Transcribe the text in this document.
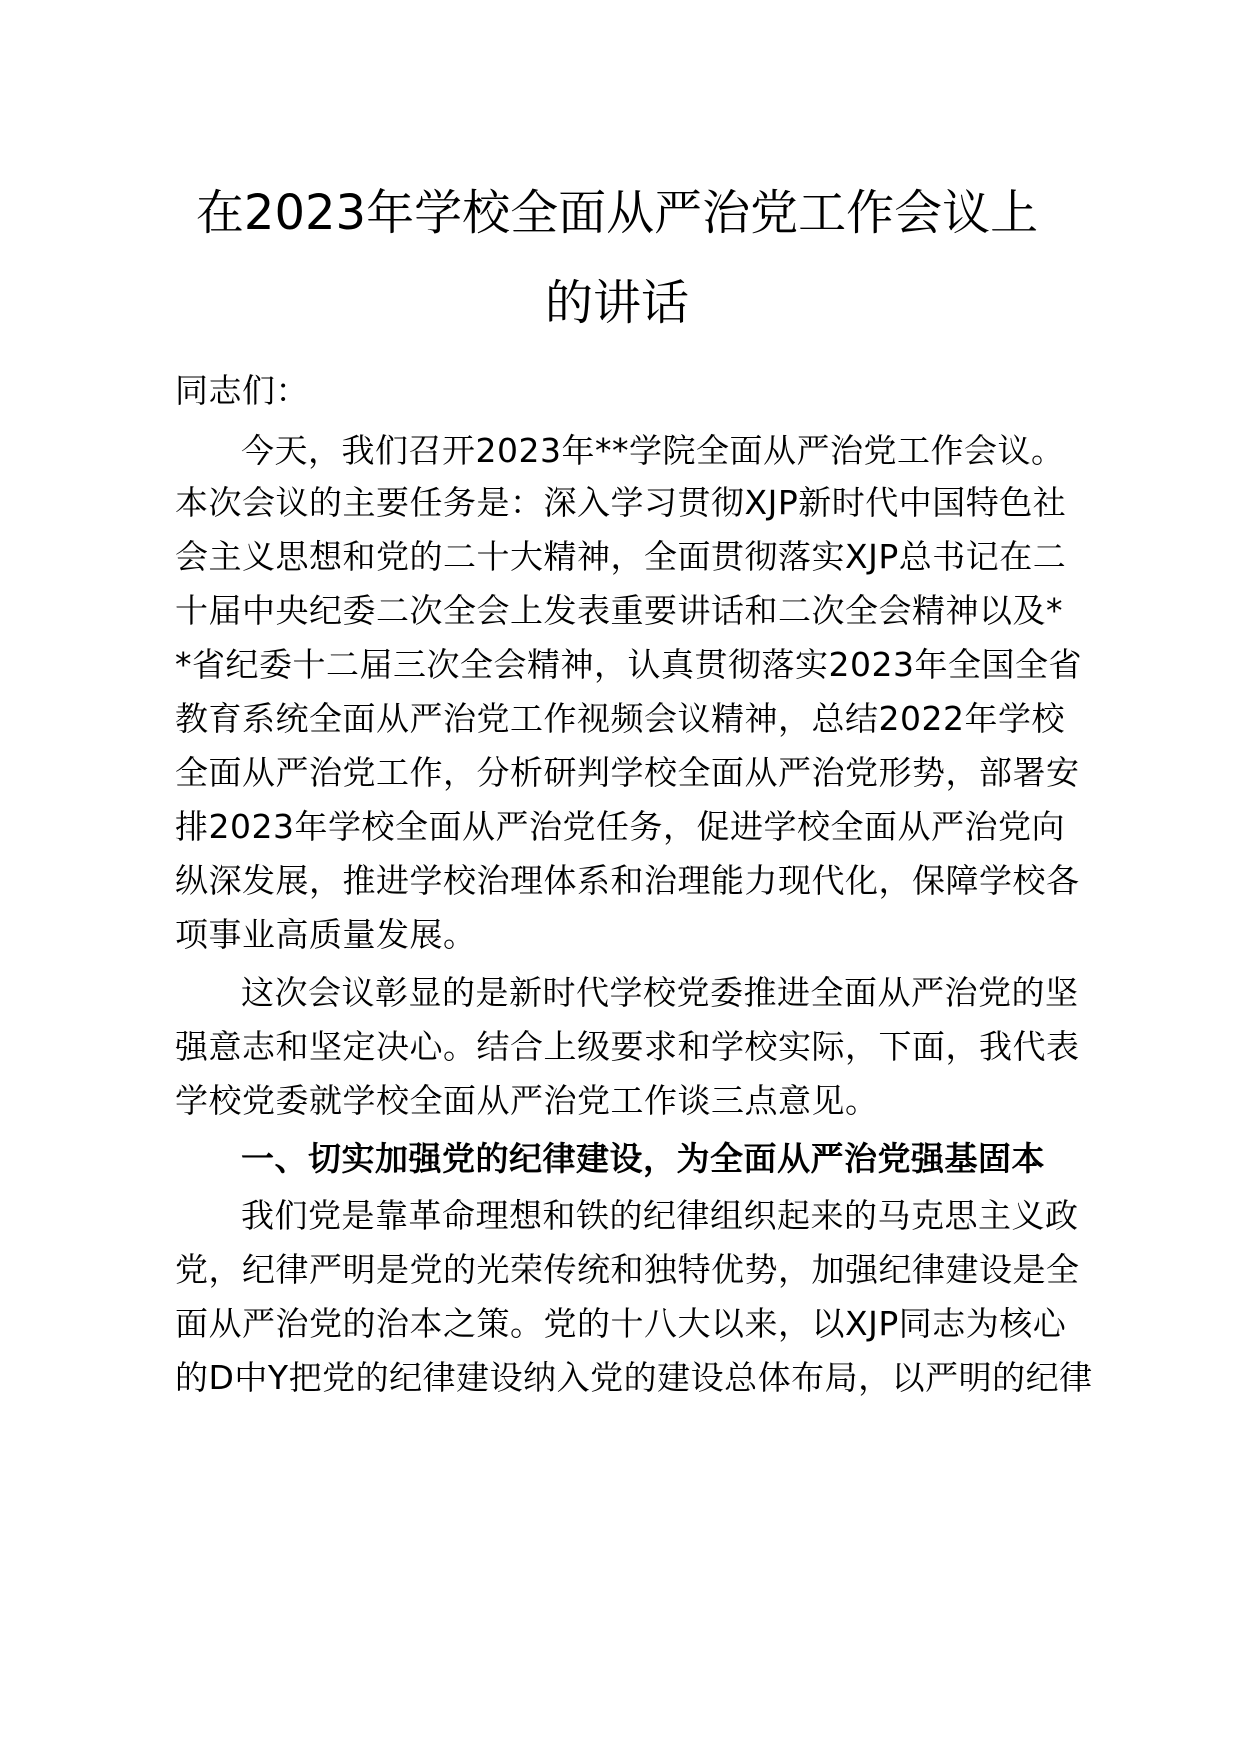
在2023年学校全面从严治党工作会议上
的讲话

同志们：

今天，我们召开2023年**学院全面从严治党工作会议。

本次会议的主要任务是：深入学习贯彻XJP新时代中国特色社

会主义思想和党的二十大精神，全面贯彻落实XJP总书记在二

十届中央纪委二次全会上发表重要讲话和二次全会精神以及*

*省纪委十二届三次全会精神，认真贯彻落实2023年全国全省

教育系统全面从严治党工作视频会议精神，总结2022年学校

全面从严治党工作，分析研判学校全面从严治党形势，部署安

排2023年学校全面从严治党任务，促进学校全面从严治党向

纵深发展，推进学校治理体系和治理能力现代化，保障学校各

项事业高质量发展。

这次会议彰显的是新时代学校党委推进全面从严治党的坚

强意志和坚定决心。结合上级要求和学校实际，下面，我代表

学校党委就学校全面从严治党工作谈三点意见。

一、切实加强党的纪律建设，为全面从严治党强基固本

我们党是靠革命理想和铁的纪律组织起来的马克思主义政

党，纪律严明是党的光荣传统和独特优势，加强纪律建设是全

面从严治党的治本之策。党的十八大以来，以XJP同志为核心

的D中Y把党的纪律建设纳入党的建设总体布局，以严明的纪律
